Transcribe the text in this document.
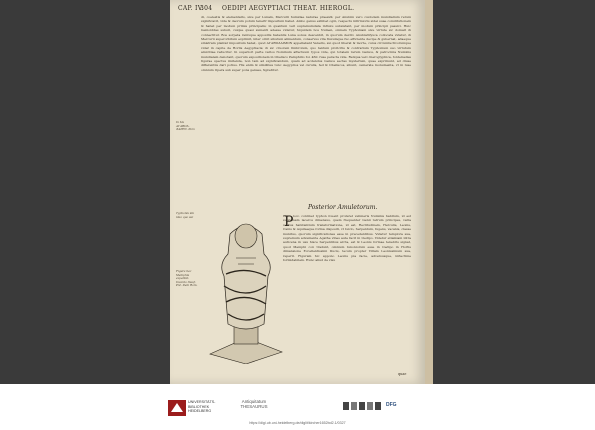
CAP. IV.
304 OEDIPI AEGYPTIACI THEAT. HIEROGL.
di, coelestis & elementaris, sive per Lunam, Mercurii humidae naturae praesidi; per Anubim vero custodem mundialium rerum significavit, vide & deorum potum tenerif impositum habet. Ambo genus exhibet ogni, respectu infirmioris sidei suae constitutionem & habet per modum primis principalis; in quantum veri supremumdata influxu subsistant, per modum principii passivi. Huic Genioiddas subsit, cuique quasi sumenti adesse videtur, hiquidem bos Numen, omnem Typhoniam sive virtute sic domari & connectitur. Bos sorpeta renixque appositis habentis Luna sonus descenbit, in quorum dextro Anubisdifysca collocata videtur, & Mercurii superorbitum exprimit, inter ornit sibutum alimentum, conservus vita fluxumque fuo efficiente decipe & gubernat, adaeque sinistram plantar impositum habet, quod ΑΓΑΘΟΔΑΙΜΟΝ appellabant Veneris, sui quod liberat & morte, cuius circumfectivorumque vider in capite de Horlis Aegyptiacis; & sic cruorem fimbrolum, quo tantum proficitis & contrarium Typhonium suo virtutum amicitiae reducitur. In superiori parte varios Nominum affectuum typos vide, qui totalem rerum Genios, & patrocinia Numinis mundialem denotant, quorum expositionem in Obelisco Pamphilio fol. 460. fuse peracta vide. Reliqua vero hieroglyphica, fontemelles figurae spectus imitenda, non tam ad significandum, quam ad acdendus Genios sectas mysterium, quae exprimunt, ad diuse differentiis dari potius. His enim & similibus tunc Aegyptios vel curulis, fed & Obeliscos, sibunt, cemerate monumenta, vt in luse omnium Opera sub super pons genses, Sgreditur.
In his ΑΓΑΘΟΔ. ΦΑΡΕΝ. libro
Typhonis ide ideo quo sui
Figura hec Memphis expelitat. Invento Insuf. Pnt. Dem Rom.
Posterior Amuletorum.
P
Rimo loco continet typhon fouent proferet velimeris Numinis habitum, id est supremam laceros dimensus, quem frequenter Genii retrum principes, varia velitus habitantium transformatione, id est, Rectitudinem, Herculis, Leonis, Canis & Aquilaeque forma dispositi, vt Isiclo, Serpentum, fugens, vacanis, classe munitus, quorum significationes esse in precedentibus. Videtur templora sua, supremum adveniente Agathe vibes aute facit in Oedipo. Videtur etiamiam intra auticena in usu hisce Serpentibus arcta, est & Leonis formae tenebris signat, quod Memphi con tradunt, omnium Iunoniorum esse in Oedipo in Hortis dimansione Eccellentissimi Ducis, tecum propter Villam Leonissimum sua, reperit. Figuram hic appono Leonis pia facie, adversusque, inflectime formidabilem. Hunc aliud de visu
quae
UNIVERSITÄTS-
BIBLIOTHEK
HEIDELBERG
Antiquitatum
THESAURUS	DFG
https://digi.ub.uni-heidelberg.de/diglit/kircher1652bd2.1/0327
